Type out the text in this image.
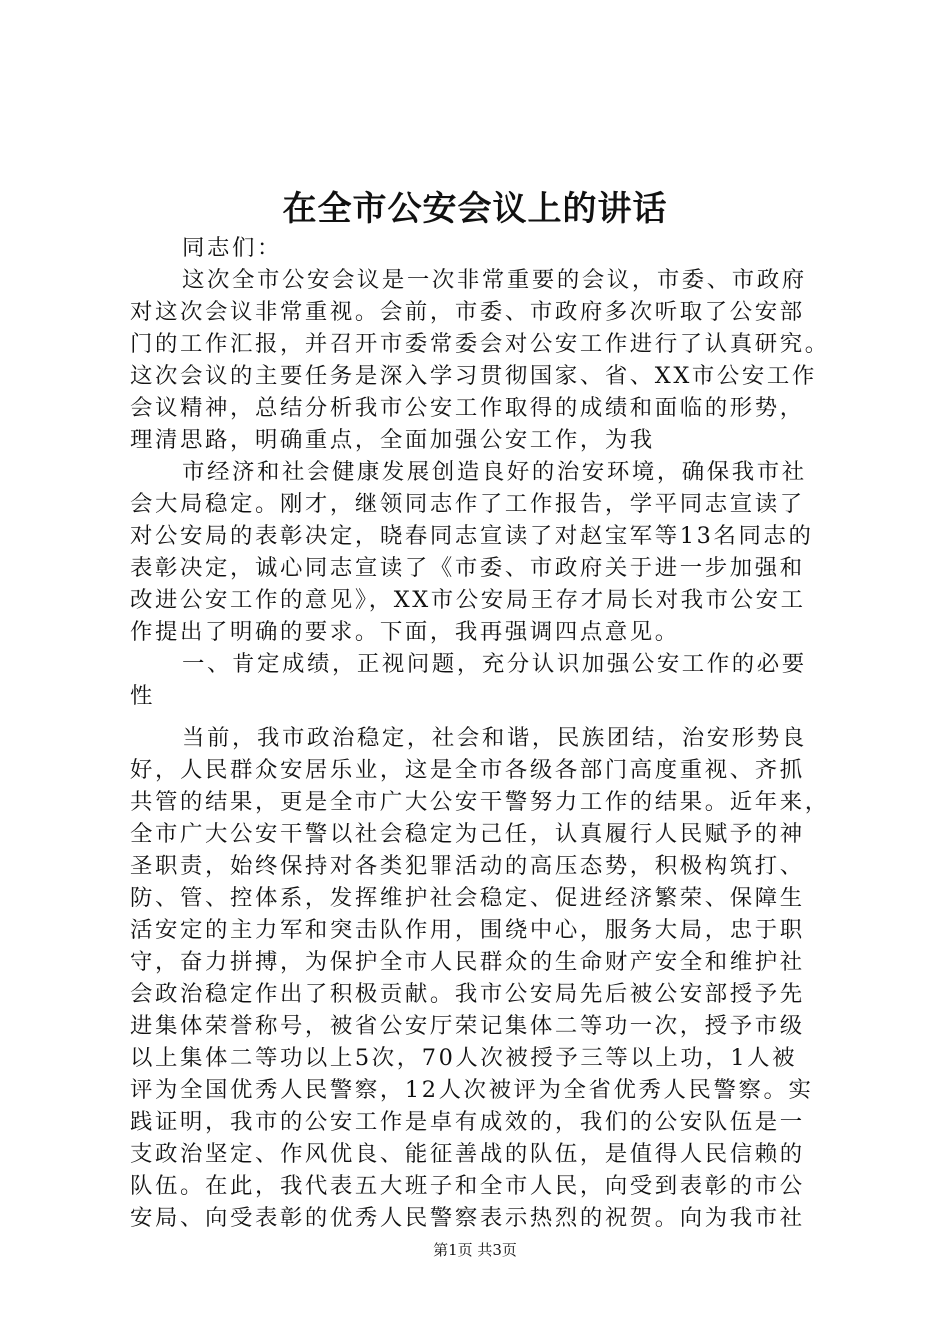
在全市公安会议上的讲话
同志们：
这次全市公安会议是一次非常重要的会议，市委、市政府
对这次会议非常重视。会前，市委、市政府多次听取了公安部
门的工作汇报，并召开市委常委会对公安工作进行了认真研究。
这次会议的主要任务是深入学习贯彻国家、省、XX市公安工作
会议精神，总结分析我市公安工作取得的成绩和面临的形势，
理清思路，明确重点，全面加强公安工作，为我
市经济和社会健康发展创造良好的治安环境，确保我市社
会大局稳定。刚才，继领同志作了工作报告，学平同志宣读了
对公安局的表彰决定，晓春同志宣读了对赵宝军等13名同志的
表彰决定，诚心同志宣读了《市委、市政府关于进一步加强和
改进公安工作的意见》，XX市公安局王存才局长对我市公安工
作提出了明确的要求。下面，我再强调四点意见。
一、肯定成绩，正视问题，充分认识加强公安工作的必要
性
当前，我市政治稳定，社会和谐，民族团结，治安形势良
好，人民群众安居乐业，这是全市各级各部门高度重视、齐抓
共管的结果，更是全市广大公安干警努力工作的结果。近年来，
全市广大公安干警以社会稳定为己任，认真履行人民赋予的神
圣职责，始终保持对各类犯罪活动的高压态势，积极构筑打、
防、管、控体系，发挥维护社会稳定、促进经济繁荣、保障生
活安定的主力军和突击队作用，围绕中心，服务大局，忠于职
守，奋力拼搏，为保护全市人民群众的生命财产安全和维护社
会政治稳定作出了积极贡献。我市公安局先后被公安部授予先
进集体荣誉称号，被省公安厅荣记集体二等功一次，授予市级
以上集体二等功以上5次，70人次被授予三等以上功，1人被
评为全国优秀人民警察，12人次被评为全省优秀人民警察。实
践证明，我市的公安工作是卓有成效的，我们的公安队伍是一
支政治坚定、作风优良、能征善战的队伍，是值得人民信赖的
队伍。在此，我代表五大班子和全市人民，向受到表彰的市公
安局、向受表彰的优秀人民警察表示热烈的祝贺。向为我市社
第1页 共3页
